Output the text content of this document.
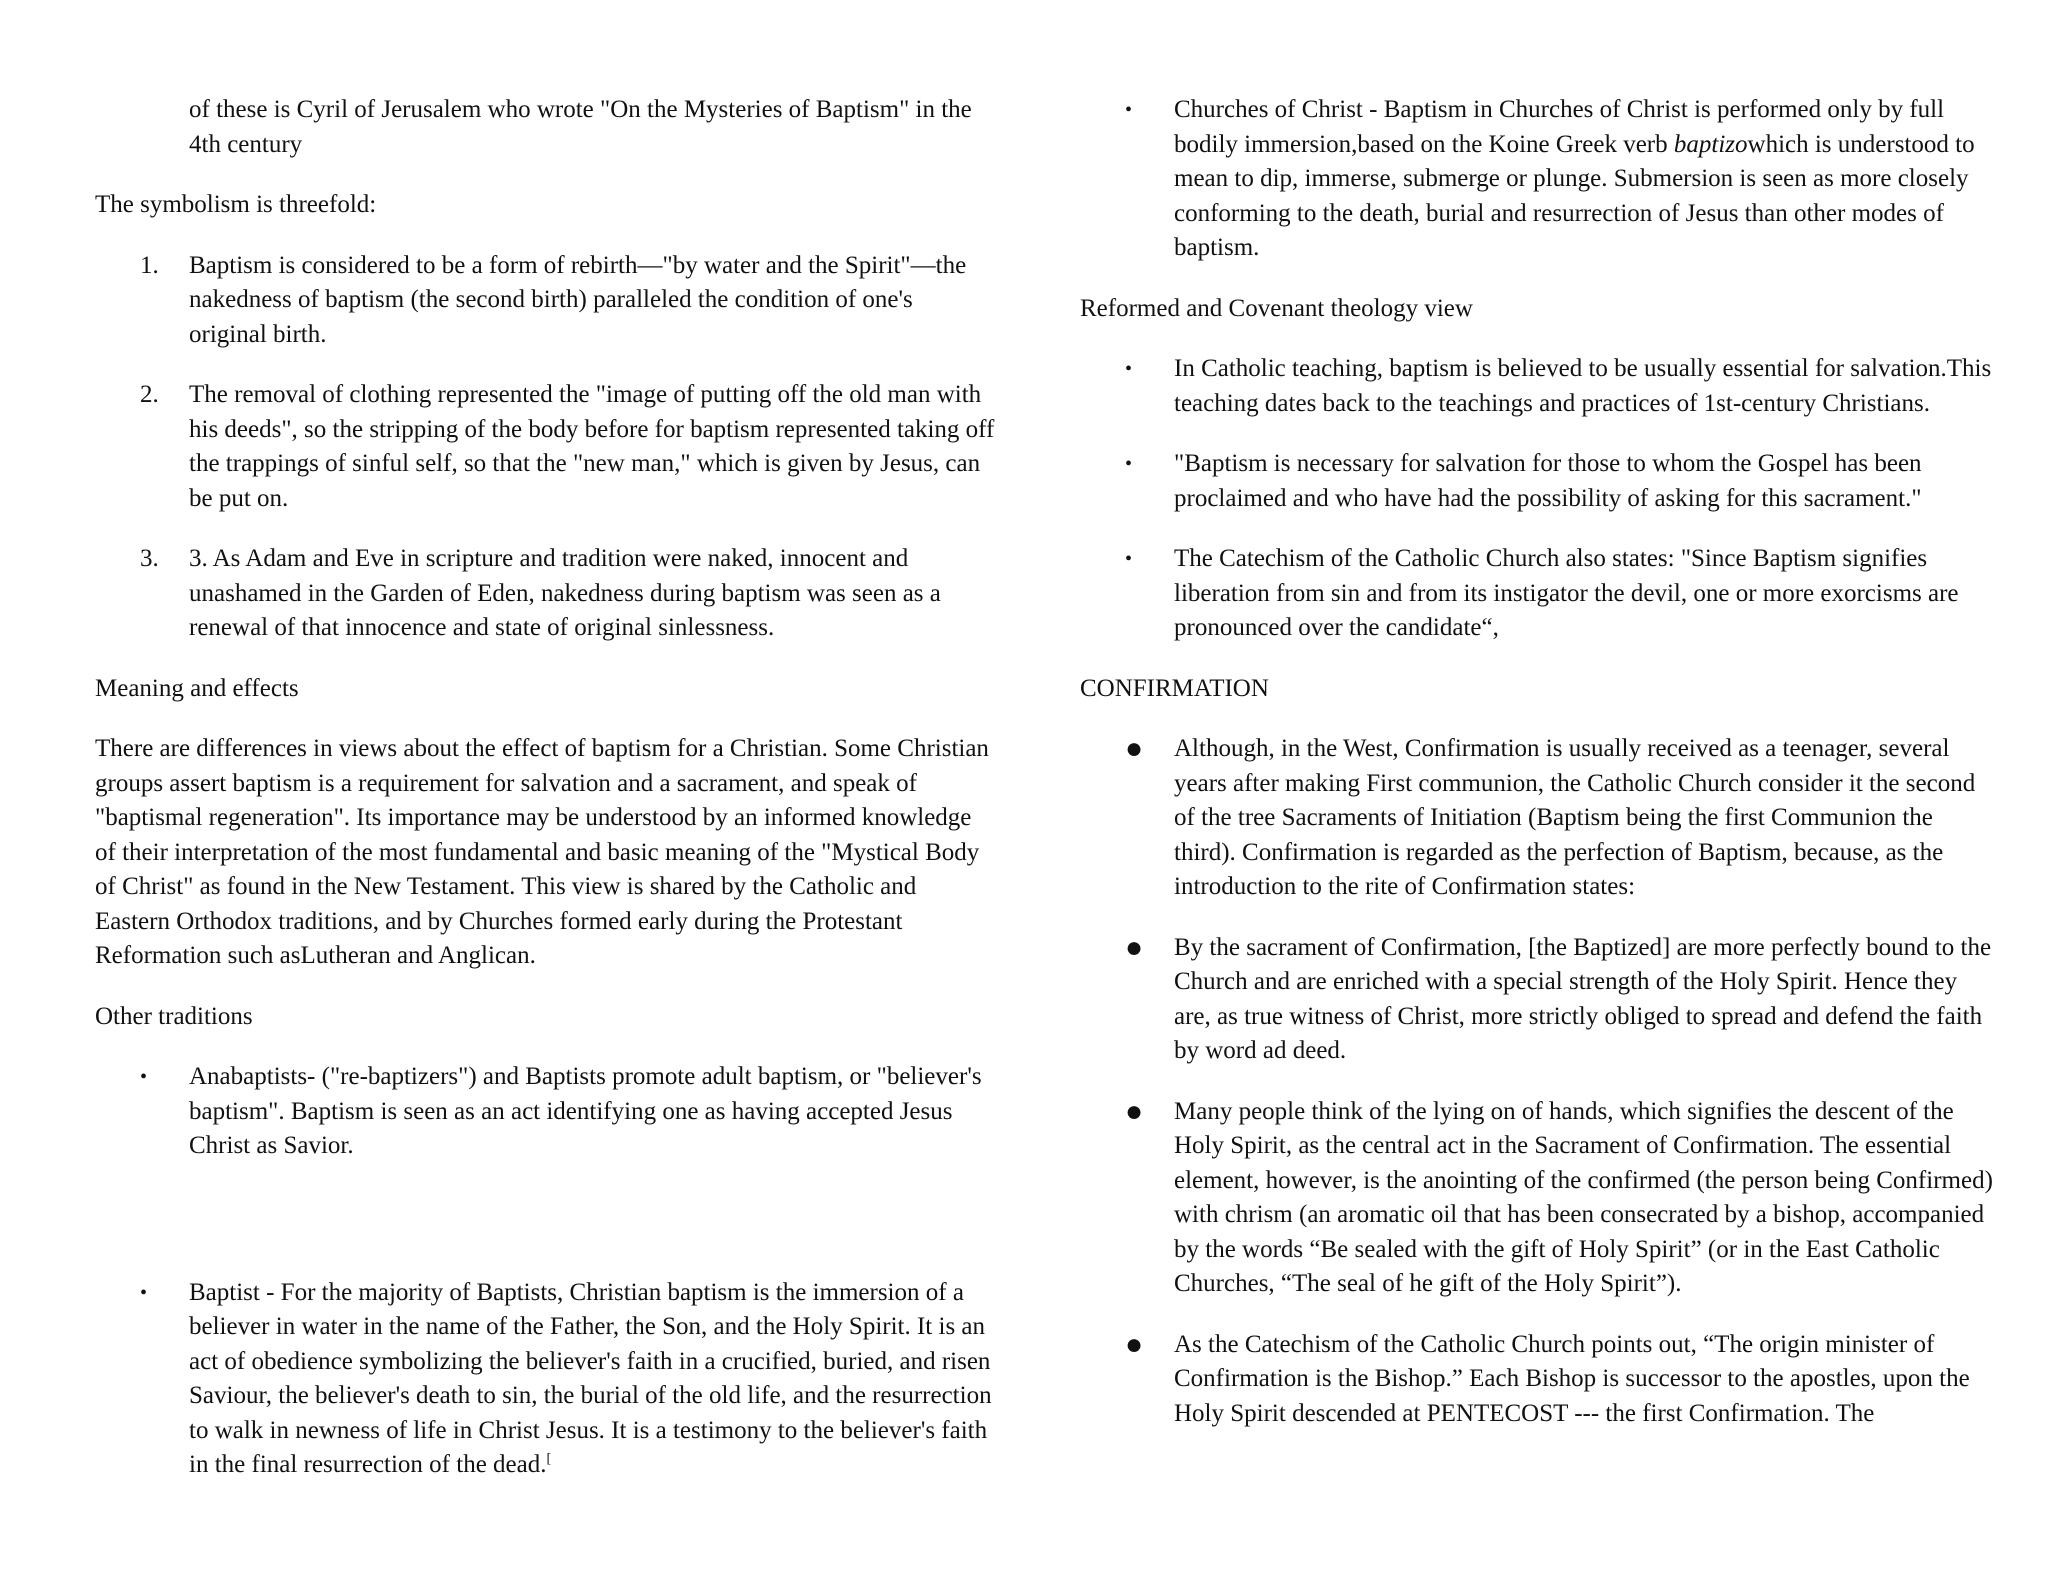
of these is Cyril of Jerusalem who wrote "On the Mysteries of Baptism" in the 4th century

The symbolism is threefold:

1.	Baptism is considered to be a form of rebirth—"by water and the Spirit"—the nakedness of baptism (the second birth) paralleled the condition of one's original birth.
2.	The removal of clothing represented the "image of putting off the old man with his deeds", so the stripping of the body before for baptism represented taking off the trappings of sinful self, so that the "new man," which is given by Jesus, can be put on.
3.	3. As Adam and Eve in scripture and tradition were naked, innocent and unashamed in the Garden of Eden, nakedness during baptism was seen as a renewal of that innocence and state of original sinlessness.

Meaning and effects

There are differences in views about the effect of baptism for a Christian. Some Christian groups assert baptism is a requirement for salvation and a sacrament, and speak of "baptismal regeneration". Its importance may be understood by an informed knowledge of their interpretation of the most fundamental and basic meaning of the "Mystical Body of Christ" as found in the New Testament. This view is shared by the Catholic and Eastern Orthodox traditions, and by Churches formed early during the Protestant Reformation such asLutheran and Anglican.

Other traditions

•	Anabaptists- ("re-baptizers") and Baptists promote adult baptism, or "believer's baptism". Baptism is seen as an act identifying one as having accepted Jesus Christ as Savior.
•	Baptist - For the majority of Baptists, Christian baptism is the immersion of a believer in water in the name of the Father, the Son, and the Holy Spirit. It is an act of obedience symbolizing the believer's faith in a crucified, buried, and risen Saviour, the believer's death to sin, the burial of the old life, and the resurrection to walk in newness of life in Christ Jesus. It is a testimony to the believer's faith in the final resurrection of the dead.[
•	Churches of Christ - Baptism in Churches of Christ is performed only by full bodily immersion,based on the Koine Greek verb baptizowhich is understood to mean to dip, immerse, submerge or plunge. Submersion is seen as more closely conforming to the death, burial and resurrection of Jesus than other modes of baptism.

Reformed and Covenant theology view

•	In Catholic teaching, baptism is believed to be usually essential for salvation.This teaching dates back to the teachings and practices of 1st-century Christians.
•	"Baptism is necessary for salvation for those to whom the Gospel has been proclaimed and who have had the possibility of asking for this sacrament."
•	The Catechism of the Catholic Church also states: "Since Baptism signifies liberation from sin and from its instigator the devil, one or more exorcisms are pronounced over the candidate“,

CONFIRMATION

●	Although, in the West, Confirmation is usually received as a teenager, several years after making First communion, the Catholic Church consider it the second of the tree Sacraments of Initiation (Baptism being the first Communion the third). Confirmation is regarded as the perfection of Baptism, because, as the introduction to the rite of Confirmation states:
●	By the sacrament of Confirmation, [the Baptized] are more perfectly bound to the Church and are enriched with a special strength of the Holy Spirit. Hence they are, as true witness of Christ, more strictly obliged to spread and defend the faith by word ad deed.
●	Many people think of the lying on of hands, which signifies the descent of the Holy Spirit, as the central act in the Sacrament of Confirmation. The essential element, however, is the anointing of the confirmed (the person being Confirmed) with chrism (an aromatic oil that has been consecrated by a bishop, accompanied by the words “Be sealed with the gift of Holy Spirit” (or in the East Catholic Churches, “The seal of he gift of the Holy Spirit”).
●	As the Catechism of the Catholic Church points out, “The origin minister of Confirmation is the Bishop.” Each Bishop is successor to the apostles, upon the Holy Spirit descended at PENTECOST --- the first Confirmation. The
